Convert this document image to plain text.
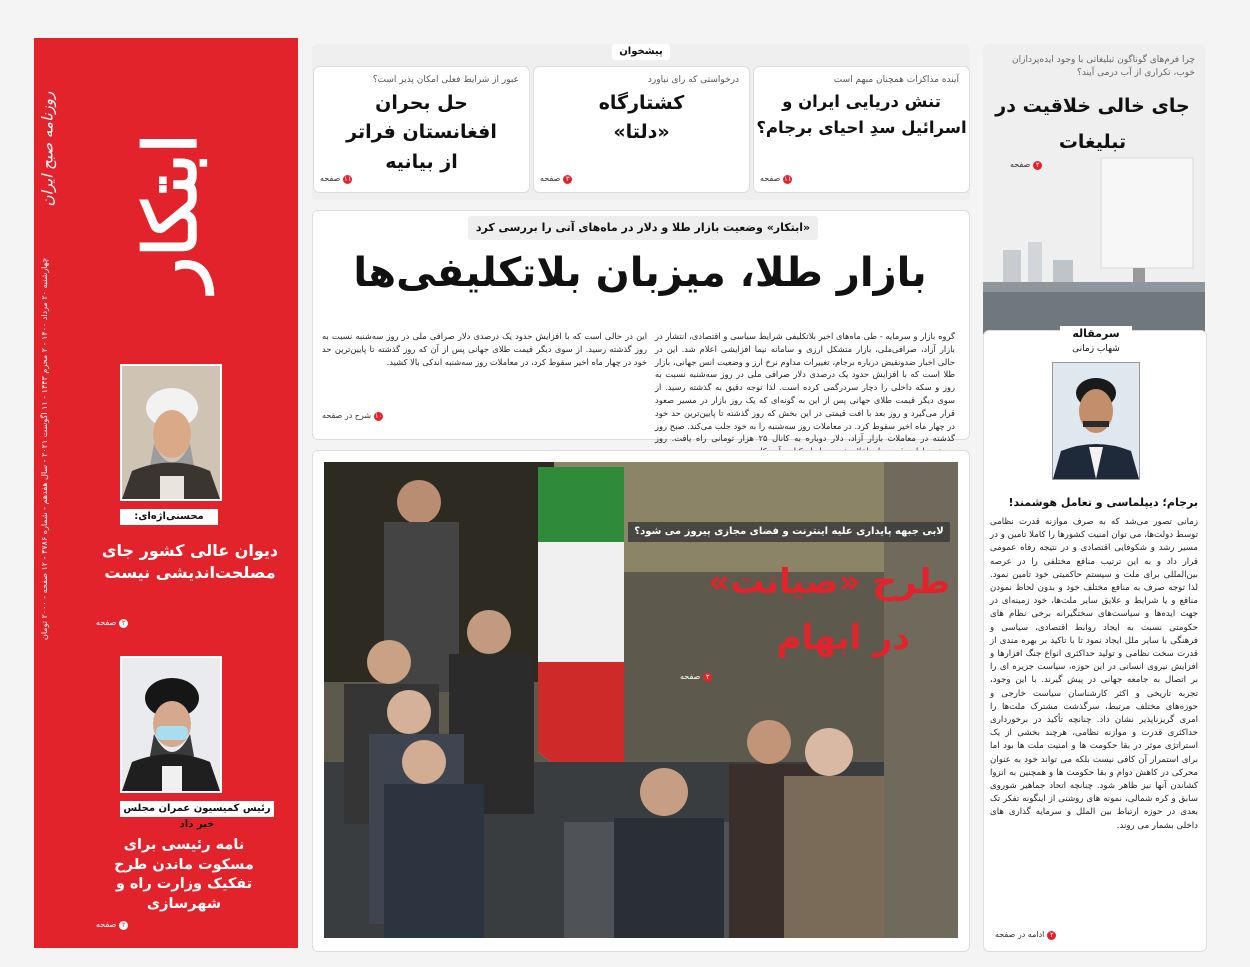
ابتکار
روزنامه صبح ایران
چهارشنبه ۲۰ مرداد ۱۴۰۰ - ۲ محرم ۱۴۴۳ - ۱۱ اگوست ۲۰۲۱ - سال هفدهم - شماره ۴۷۸۶ - ۱۲ صفحه - ۲۰۰۰ تومان
محسنی‌اژه‌ای:
دیوان عالی کشور جای مصلحت‌اندیشی نیست
۲صفحه
رئیس کمیسیون عمران مجلس خبر داد
نامه رئیسی برای مسکوت ماندن طرح تفکیک وزارت راه و شهرسازی
۲صفحه
پیشخوان
آینده مذاکرات همچنان مبهم است
تنش دریایی ایران و اسرائیل سدِ احیای برجام؟
۱۱صفحه
درخواستی که رای نیاورد
کشتارگاه «دلتا»
۳صفحه
عبور از شرایط فعلی امکان پذیر است؟
حل بحران افغانستان فراتر از بیانیه
۱۱صفحه
«ابتکار» وضعیت بازار طلا و دلار در ماه‌های آتی را بررسی کرد
بازار طلا، میزبان بلاتکلیفی‌ها
گروه بازار و سرمایه - طی ماه‌های اخیر بلاتکلیفی شرایط سیاسی و اقتصادی، انتشار در بازار آزاد، صرافی‌ملی، بازار متشکل ارزی و سامانه نیما افزایشی اعلام شد. این در حالی اخبار ضدونقیض درباره برجام، تغییرات مداوم نرخ ارز و وضعیت انس جهانی، بازار طلا است که با افزایش حدود یک درصدی دلار صرافی ملی در روز سه‌شنبه نسبت به روز و سکه داخلی را دچار سردرگمی کرده است. لذا توجه دقیق به گذشته رسید. از سوی دیگر قیمت طلای جهانی پس از این به گونه‌ای که یک روز بازار در مسیر صعود قرار می‌گیرد و روز بعد با افت قیمتی در این بخش که روز گذشته تا پایین‌ترین حد خود در چهار ماه اخیر سقوط کرد. در معاملات روز سه‌شنبه را به خود جلب می‌کند. صبح روز گذشته در معاملات بازار آزاد، دلار دوباره به کانال ۲۵ هزار تومانی راه یافت. روز
این در حالی است که با افزایش حدود یک درصدی دلار صرافی ملی در روز سه‌شنبه نسبت به روز گذشته رسید. از سوی دیگر قیمت طلای جهانی پس از آن که روز گذشته تا پایین‌ترین حد خود در چهار ماه اخیر سقوط کرد، در معاملات روز سه‌شنبه اندکی بالا کشید.
۱۰شرح در صفحه
لابی جبهه پایداری علیه اینترنت و فضای مجازی پیروز می شود؟
طرح «صیانت»
در ابهام
۲صفحه
چرا فرم‌های گوناگون تبلیغاتی با وجود ایده‌پردازان خوب، تکراری از آب درمی آیند؟
جای خالی خلاقیت در تبلیغات
۲صفحه
سرمقاله
شهاب زمانی
برجام؛ دیپلماسی و تعامل هوشمند!
زمانی تصور می‌شد که به صرف موازنه قدرت نظامی توسط دولت‌ها، می توان امنیت کشورها را کاملا تامین و در مسیر رشد و شکوفایی اقتصادی و در نتیجه رفاه عمومی قرار داد و به این ترتیب منافع مختلفی را در عرصه بین‌المللی برای ملت و سیستم حاکمیتی خود تامین نمود. لذا توجه صرف به منافع مختلف خود و بدون لحاظ نمودن منافع و یا شرایط و علایق سایر ملت‌ها، خود زمینه‌ای در جهت ایده‌ها و سیاست‌های سختگیرانه برخی نظام های حکومتی نسبت به ایجاد روابط اقتصادی، سیاسی و فرهنگی با سایر ملل ایجاد نمود تا با تاکید بر بهره مندی از قدرت سخت نظامی و تولید حداکثری انواع جنگ افزارها و افزایش نیروی انسانی در این حوزه، سیاست جزیره ای را بر اتصال به جامعه جهانی در پیش گیرند. با این وجود، تجربه تاریخی و اکثر کارشناسان سیاست خارجی و حوزه‌های مختلف مرتبط، سرگذشت مشترک ملت‌ها را امری گریزناپذیر نشان داد. چنانچه تأکید در برخورداری حداکثری قدرت و موازنه نظامی، هرچند بخشی از یک استراتژی موثر در بقا حکومت ها و امنیت ملت ها بود اما برای استمرار آن کافی نیست بلکه می تواند خود به عنوان محرکی در کاهش دوام و بقا حکومت ها و همچنین به انزوا کشاندن آنها نیز ظاهر شود. چنانچه اتحاد جماهیر شوروی سابق و کره شمالی، نمونه های روشنی از اینگونه تفکر تک بعدی در حوزه ارتباط بین الملل و سرمایه گذاری های داخلی بشمار می روند.
۲ادامه در صفحه
